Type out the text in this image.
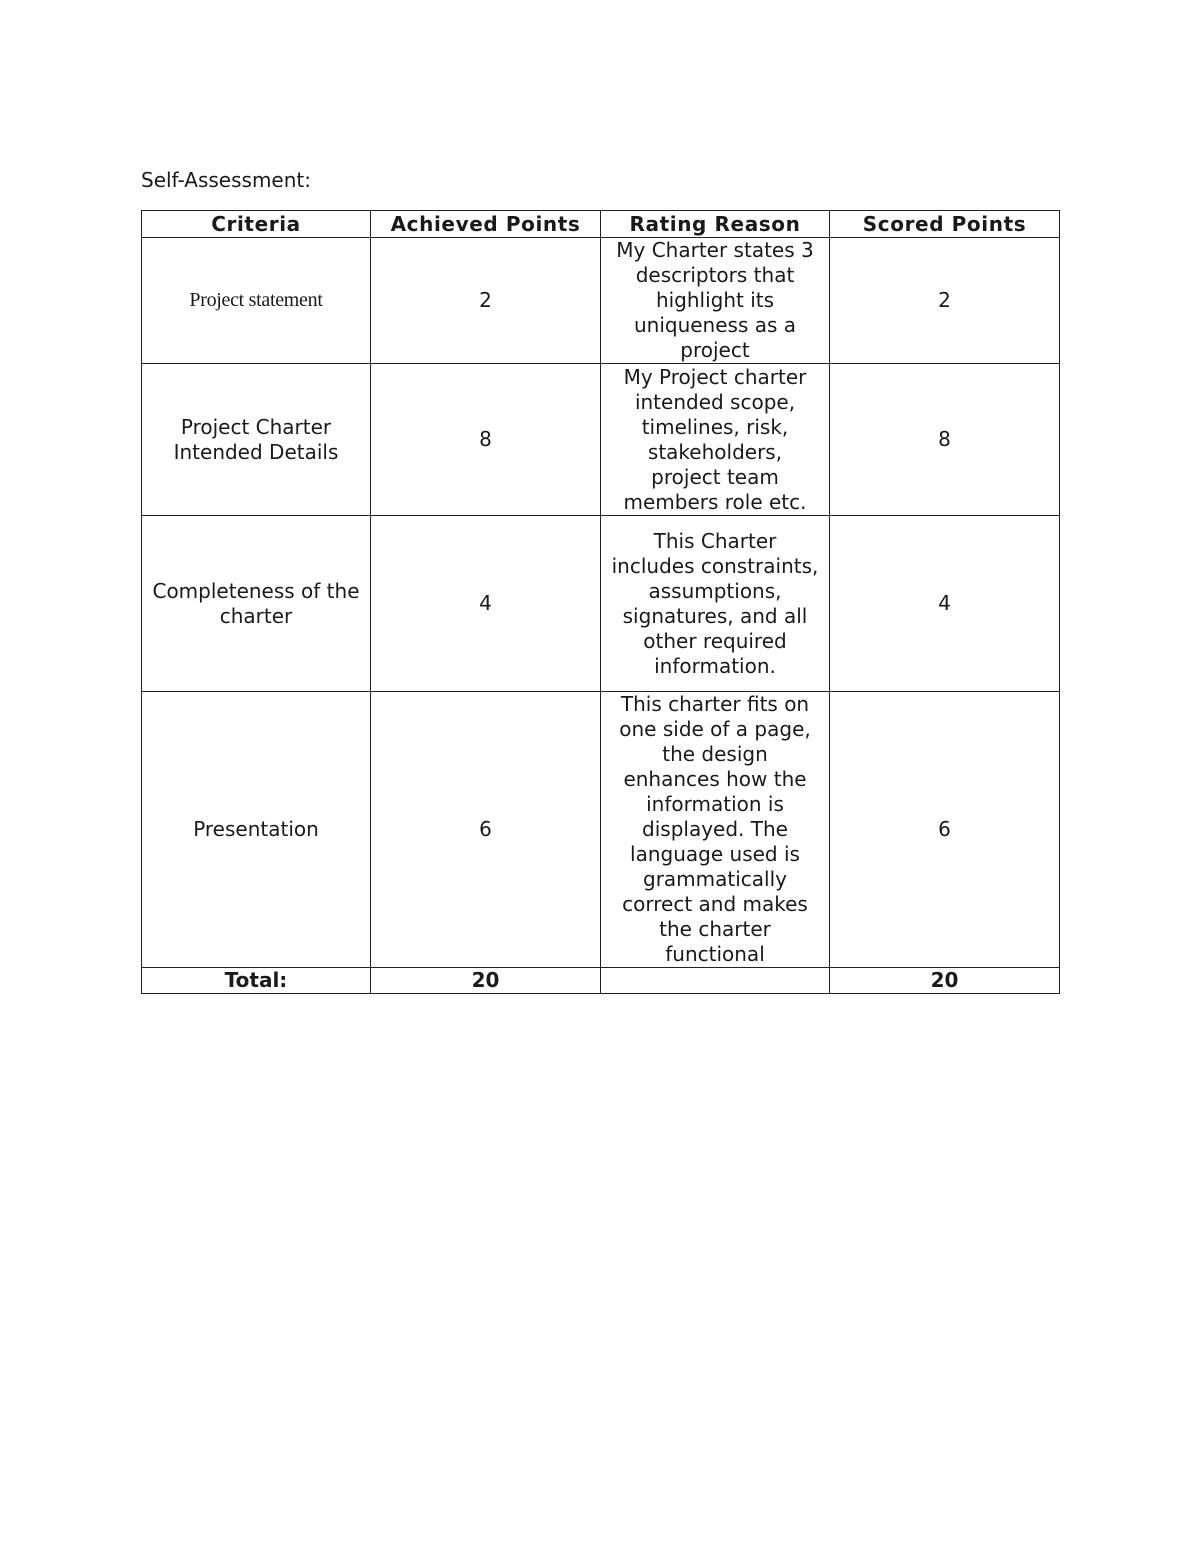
Self-Assessment:
Criteria	Achieved Points	Rating Reason	Scored Points
Project statement	2	My Charter states 3 descriptors that highlight its uniqueness as a project	2
Project Charter Intended Details	8	My Project charter intended scope, timelines, risk, stakeholders, project team members role etc.	8
Completeness of the charter	4	This Charter includes constraints, assumptions, signatures, and all other required information.	4
Presentation	6	This charter fits on one side of a page, the design enhances how the information is displayed. The language used is grammatically correct and makes the charter functional	6
Total:	20		20
